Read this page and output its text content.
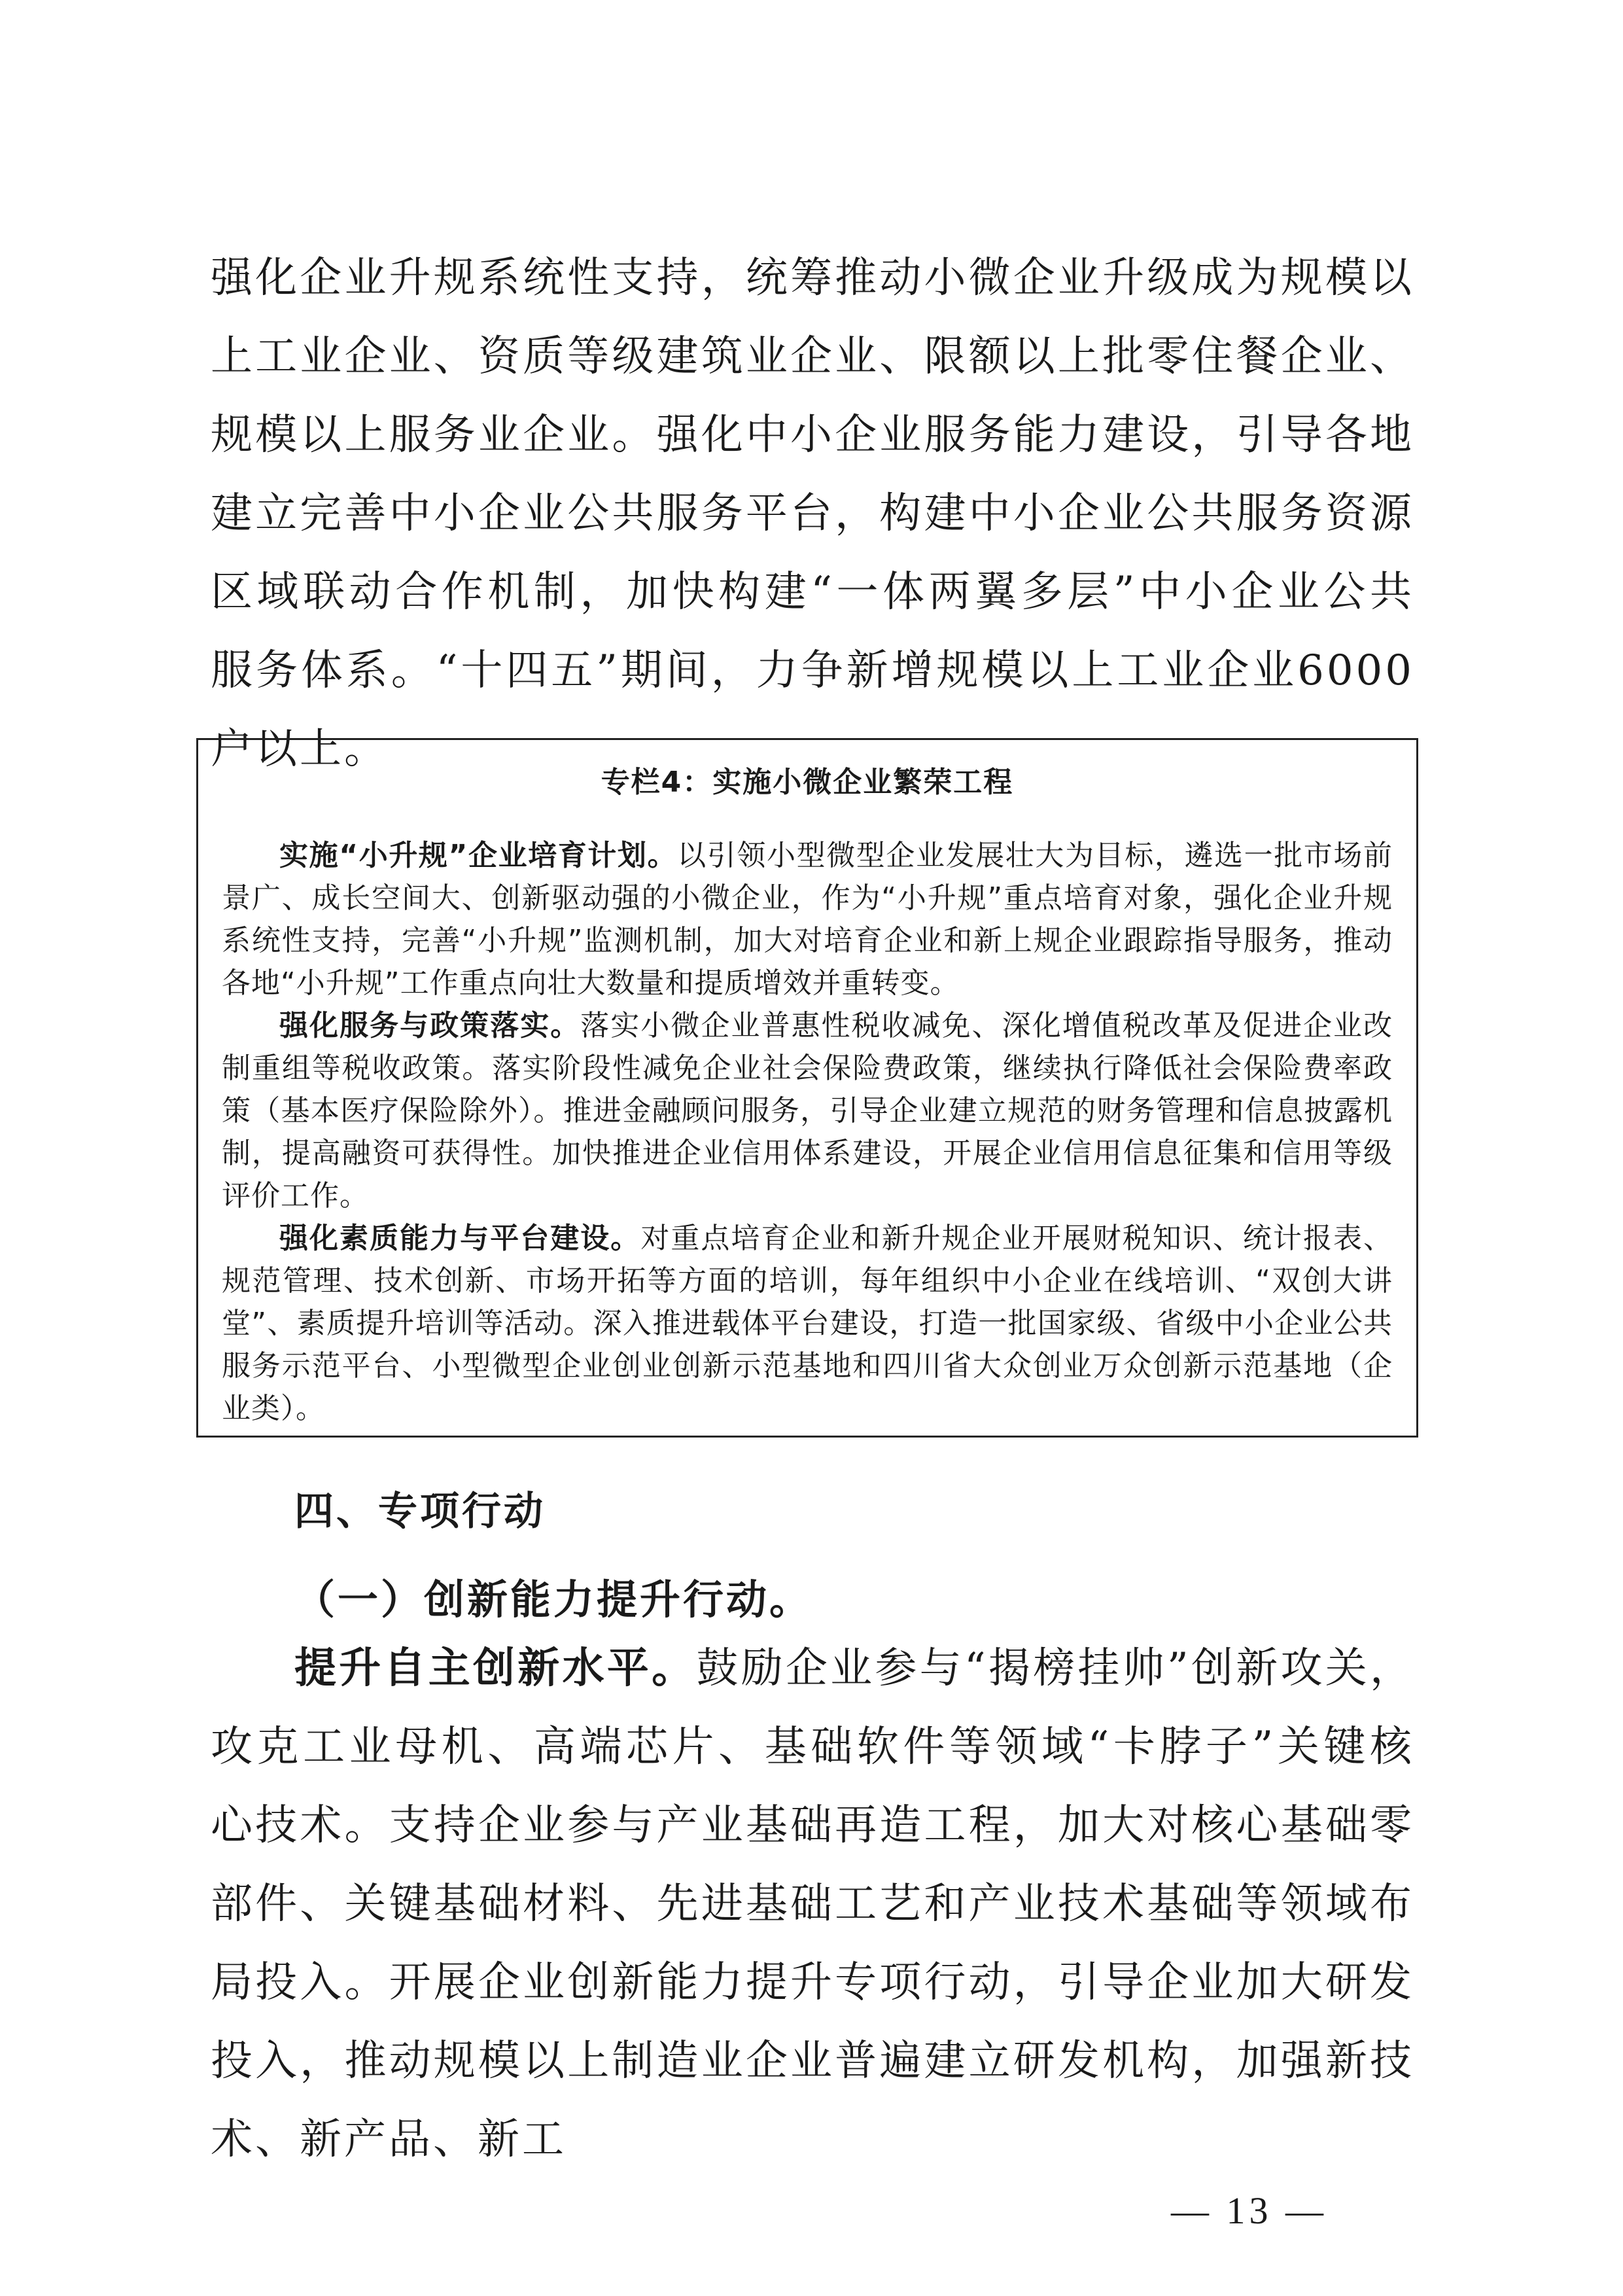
强化企业升规系统性支持，统筹推动小微企业升级成为规模以上工业企业、资质等级建筑业企业、限额以上批零住餐企业、规模以上服务业企业。强化中小企业服务能力建设，引导各地建立完善中小企业公共服务平台，构建中小企业公共服务资源区域联动合作机制，加快构建“一体两翼多层”中小企业公共服务体系。“十四五”期间，力争新增规模以上工业企业6000户以上。

专栏4：实施小微企业繁荣工程

实施“小升规”企业培育计划。以引领小型微型企业发展壮大为目标，遴选一批市场前景广、成长空间大、创新驱动强的小微企业，作为“小升规”重点培育对象，强化企业升规系统性支持，完善“小升规”监测机制，加大对培育企业和新上规企业跟踪指导服务，推动各地“小升规”工作重点向壮大数量和提质增效并重转变。

强化服务与政策落实。落实小微企业普惠性税收减免、深化增值税改革及促进企业改制重组等税收政策。落实阶段性减免企业社会保险费政策，继续执行降低社会保险费率政策（基本医疗保险除外）。推进金融顾问服务，引导企业建立规范的财务管理和信息披露机制，提高融资可获得性。加快推进企业信用体系建设，开展企业信用信息征集和信用等级评价工作。

强化素质能力与平台建设。对重点培育企业和新升规企业开展财税知识、统计报表、规范管理、技术创新、市场开拓等方面的培训，每年组织中小企业在线培训、“双创大讲堂”、素质提升培训等活动。深入推进载体平台建设，打造一批国家级、省级中小企业公共服务示范平台、小型微型企业创业创新示范基地和四川省大众创业万众创新示范基地（企业类）。

四、专项行动
（一）创新能力提升行动。

提升自主创新水平。鼓励企业参与“揭榜挂帅”创新攻关，攻克工业母机、高端芯片、基础软件等领域“卡脖子”关键核心技术。支持企业参与产业基础再造工程，加大对核心基础零部件、关键基础材料、先进基础工艺和产业技术基础等领域布局投入。开展企业创新能力提升专项行动，引导企业加大研发投入，推动规模以上制造业企业普遍建立研发机构，加强新技术、新产品、新工

— 13 —
